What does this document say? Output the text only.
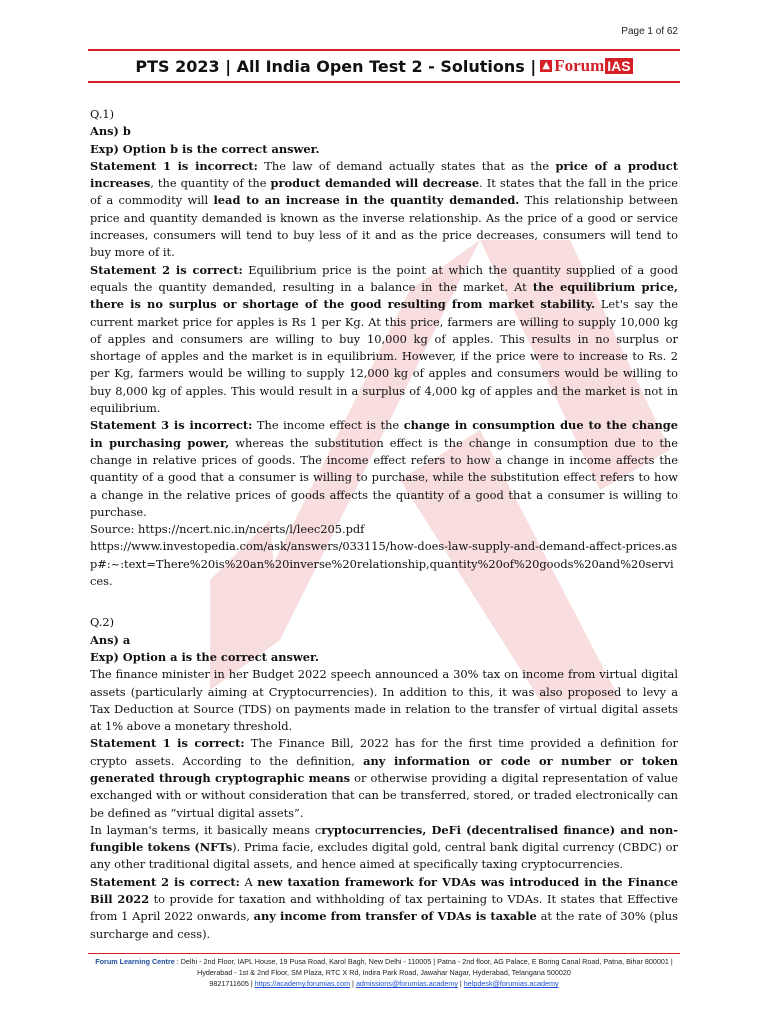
Page 1 of 62
PTS 2023 | All India Open Test 2 - Solutions | ▲ Forum IAS

Q.1)

Ans) b

Exp) Option b is the correct answer.

Statement 1 is incorrect: The law of demand actually states that as the price of a product increases, the quantity of the product demanded will decrease. It states that the fall in the price of a commodity will lead to an increase in the quantity demanded. This relationship between price and quantity demanded is known as the inverse relationship. As the price of a good or service increases, consumers will tend to buy less of it and as the price decreases, consumers will tend to buy more of it.

Statement 2 is correct: Equilibrium price is the point at which the quantity supplied of a good equals the quantity demanded, resulting in a balance in the market. At the equilibrium price, there is no surplus or shortage of the good resulting from market stability. Let's say the current market price for apples is Rs 1 per Kg. At this price, farmers are willing to supply 10,000 kg of apples and consumers are willing to buy 10,000 kg of apples. This results in no surplus or shortage of apples and the market is in equilibrium. However, if the price were to increase to Rs. 2 per Kg, farmers would be willing to supply 12,000 kg of apples and consumers would be willing to buy 8,000 kg of apples. This would result in a surplus of 4,000 kg of apples and the market is not in equilibrium.

Statement 3 is incorrect: The income effect is the change in consumption due to the change in purchasing power, whereas the substitution effect is the change in consumption due to the change in relative prices of goods. The income effect refers to how a change in income affects the quantity of a good that a consumer is willing to purchase, while the substitution effect refers to how a change in the relative prices of goods affects the quantity of a good that a consumer is willing to purchase.

Source: https://ncert.nic.in/ncerts/l/leec205.pdf

https://www.investopedia.com/ask/answers/033115/how-does-law-supply-and-demand-affect-prices.asp#:~:text=There%20is%20an%20inverse%20relationship,quantity%20of%20goods%20and%20services.

Q.2)

Ans) a

Exp) Option a is the correct answer.

The finance minister in her Budget 2022 speech announced a 30% tax on income from virtual digital assets (particularly aiming at Cryptocurrencies). In addition to this, it was also proposed to levy a Tax Deduction at Source (TDS) on payments made in relation to the transfer of virtual digital assets at 1% above a monetary threshold.

Statement 1 is correct: The Finance Bill, 2022 has for the first time provided a definition for crypto assets. According to the definition, any information or code or number or token generated through cryptographic means or otherwise providing a digital representation of value exchanged with or without consideration that can be transferred, stored, or traded electronically can be defined as “virtual digital assets”.

In layman's terms, it basically means cryptocurrencies, DeFi (decentralised finance) and non-fungible tokens (NFTs). Prima facie, excludes digital gold, central bank digital currency (CBDC) or any other traditional digital assets, and hence aimed at specifically taxing cryptocurrencies.

Statement 2 is correct: A new taxation framework for VDAs was introduced in the Finance Bill 2022 to provide for taxation and withholding of tax pertaining to VDAs. It states that Effective from 1 April 2022 onwards, any income from transfer of VDAs is taxable at the rate of 30% (plus surcharge and cess).

Forum Learning Centre : Delhi - 2nd Floor, IAPL House, 19 Pusa Road, Karol Bagh, New Delhi - 110005 | Patna - 2nd floor, AG Palace, E Boring Canal Road, Patna, Bihar 800001 | Hyderabad - 1st & 2nd Floor, SM Plaza, RTC X Rd, Indira Park Road, Jawahar Nagar, Hyderabad, Telangana 500020
9821711605 | https://academy.forumias.com | admissions@forumias.academy | helpdesk@forumias.academy
